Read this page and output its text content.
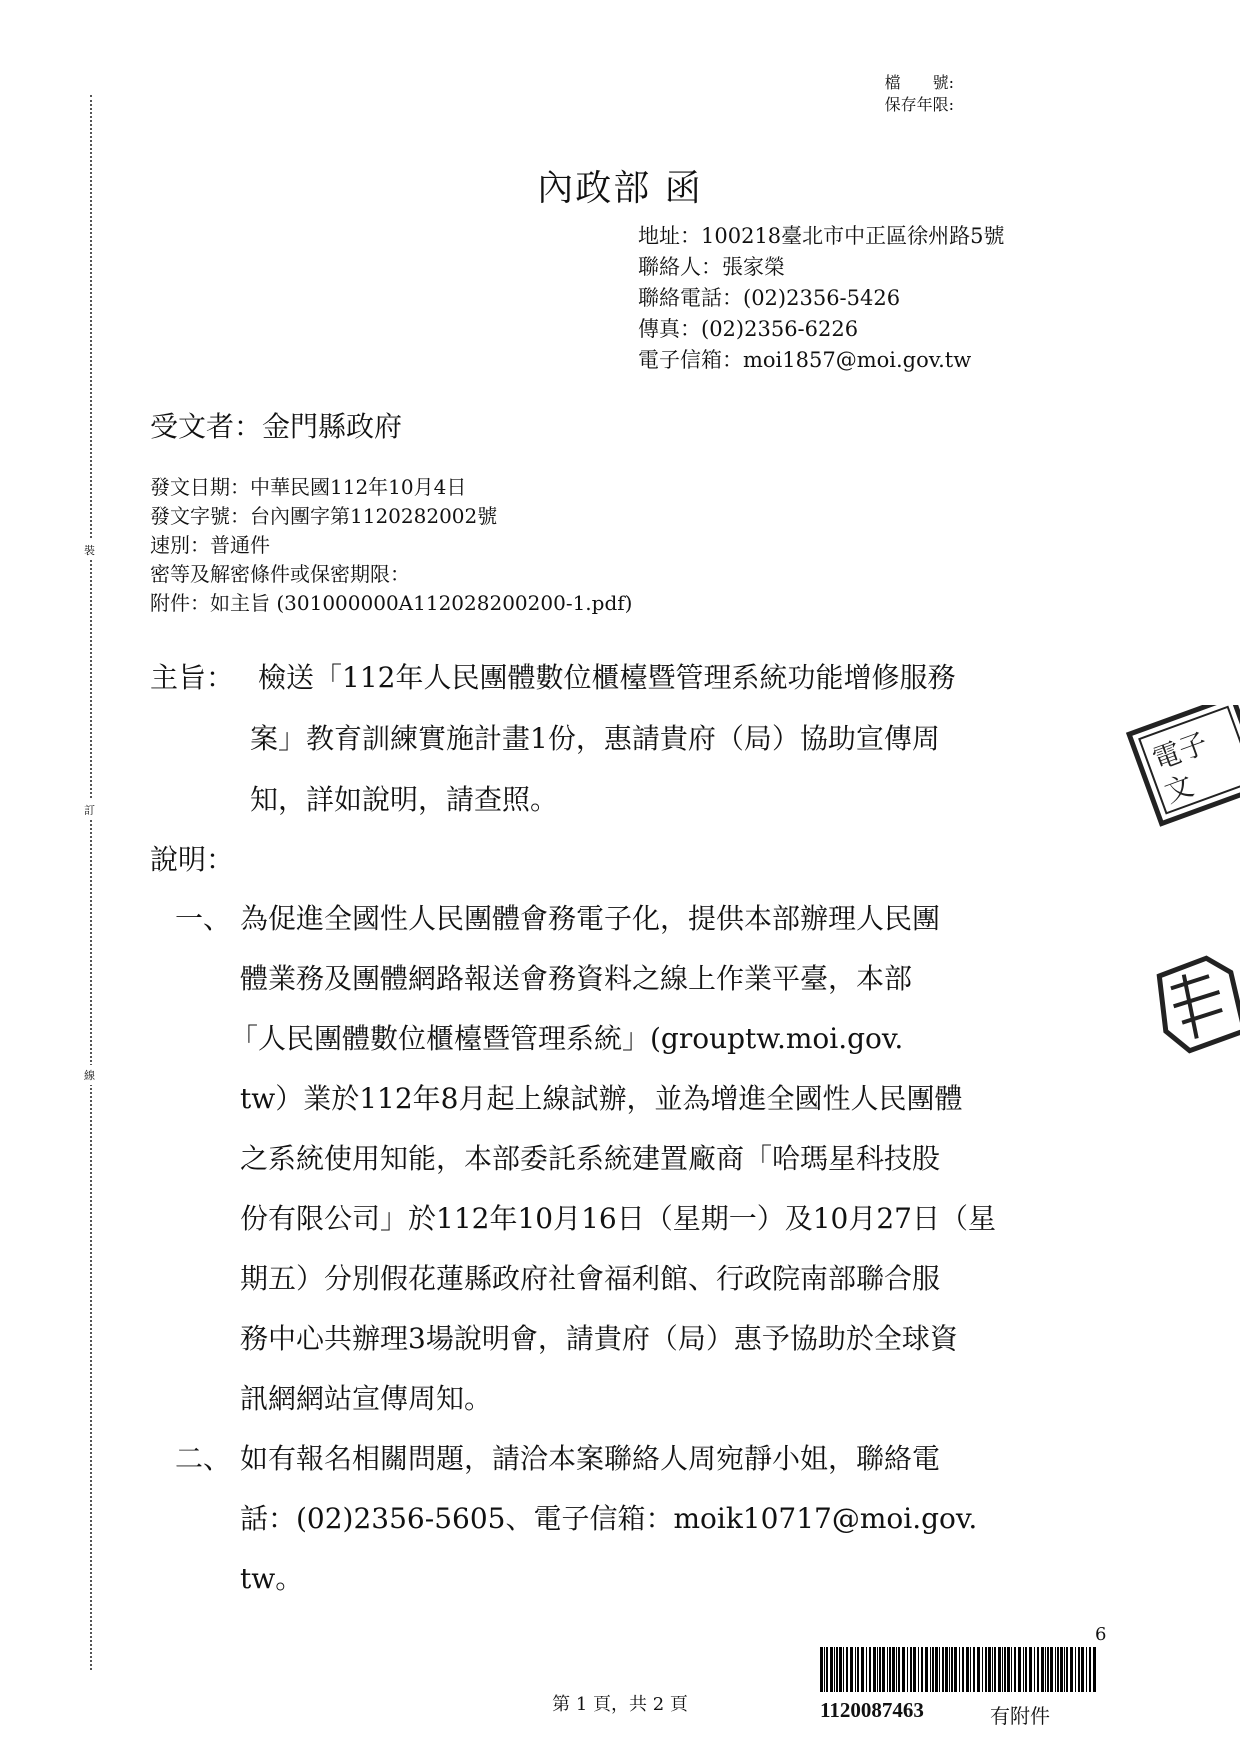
裝
訂
線
檔　　號:
保存年限:
內政部 函
地址：100218臺北市中正區徐州路5號
聯絡人：張家榮
聯絡電話：(02)2356-5426
傳真：(02)2356-6226
電子信箱：moi1857@moi.gov.tw
受文者：金門縣政府
發文日期：中華民國112年10月4日
發文字號：台內團字第1120282002號
速別：普通件
密等及解密條件或保密期限：
附件：如主旨 (301000000A112028200200-1.pdf)
主旨： 檢送「112年人民團體數位櫃檯暨管理系統功能增修服務
案」教育訓練實施計畫1份，惠請貴府（局）協助宣傳周
知，詳如說明，請查照。
說明：
一、 為促進全國性人民團體會務電子化，提供本部辦理人民團
體業務及團體網路報送會務資料之線上作業平臺，本部
「人民團體數位櫃檯暨管理系統」(grouptw.moi.gov.
tw）業於112年8月起上線試辦，並為增進全國性人民團體
之系統使用知能，本部委託系統建置廠商「哈瑪星科技股
份有限公司」於112年10月16日（星期一）及10月27日（星
期五）分別假花蓮縣政府社會福利館、行政院南部聯合服
務中心共辦理3場說明會，請貴府（局）惠予協助於全球資
訊網網站宣傳周知。
二、 如有報名相關問題，請洽本案聯絡人周宛靜小姐，聯絡電
話：(02)2356-5605、電子信箱：moik10717@moi.gov.
tw。
電子
文
第 1 頁，共 2 頁
6
1120087463	有附件
